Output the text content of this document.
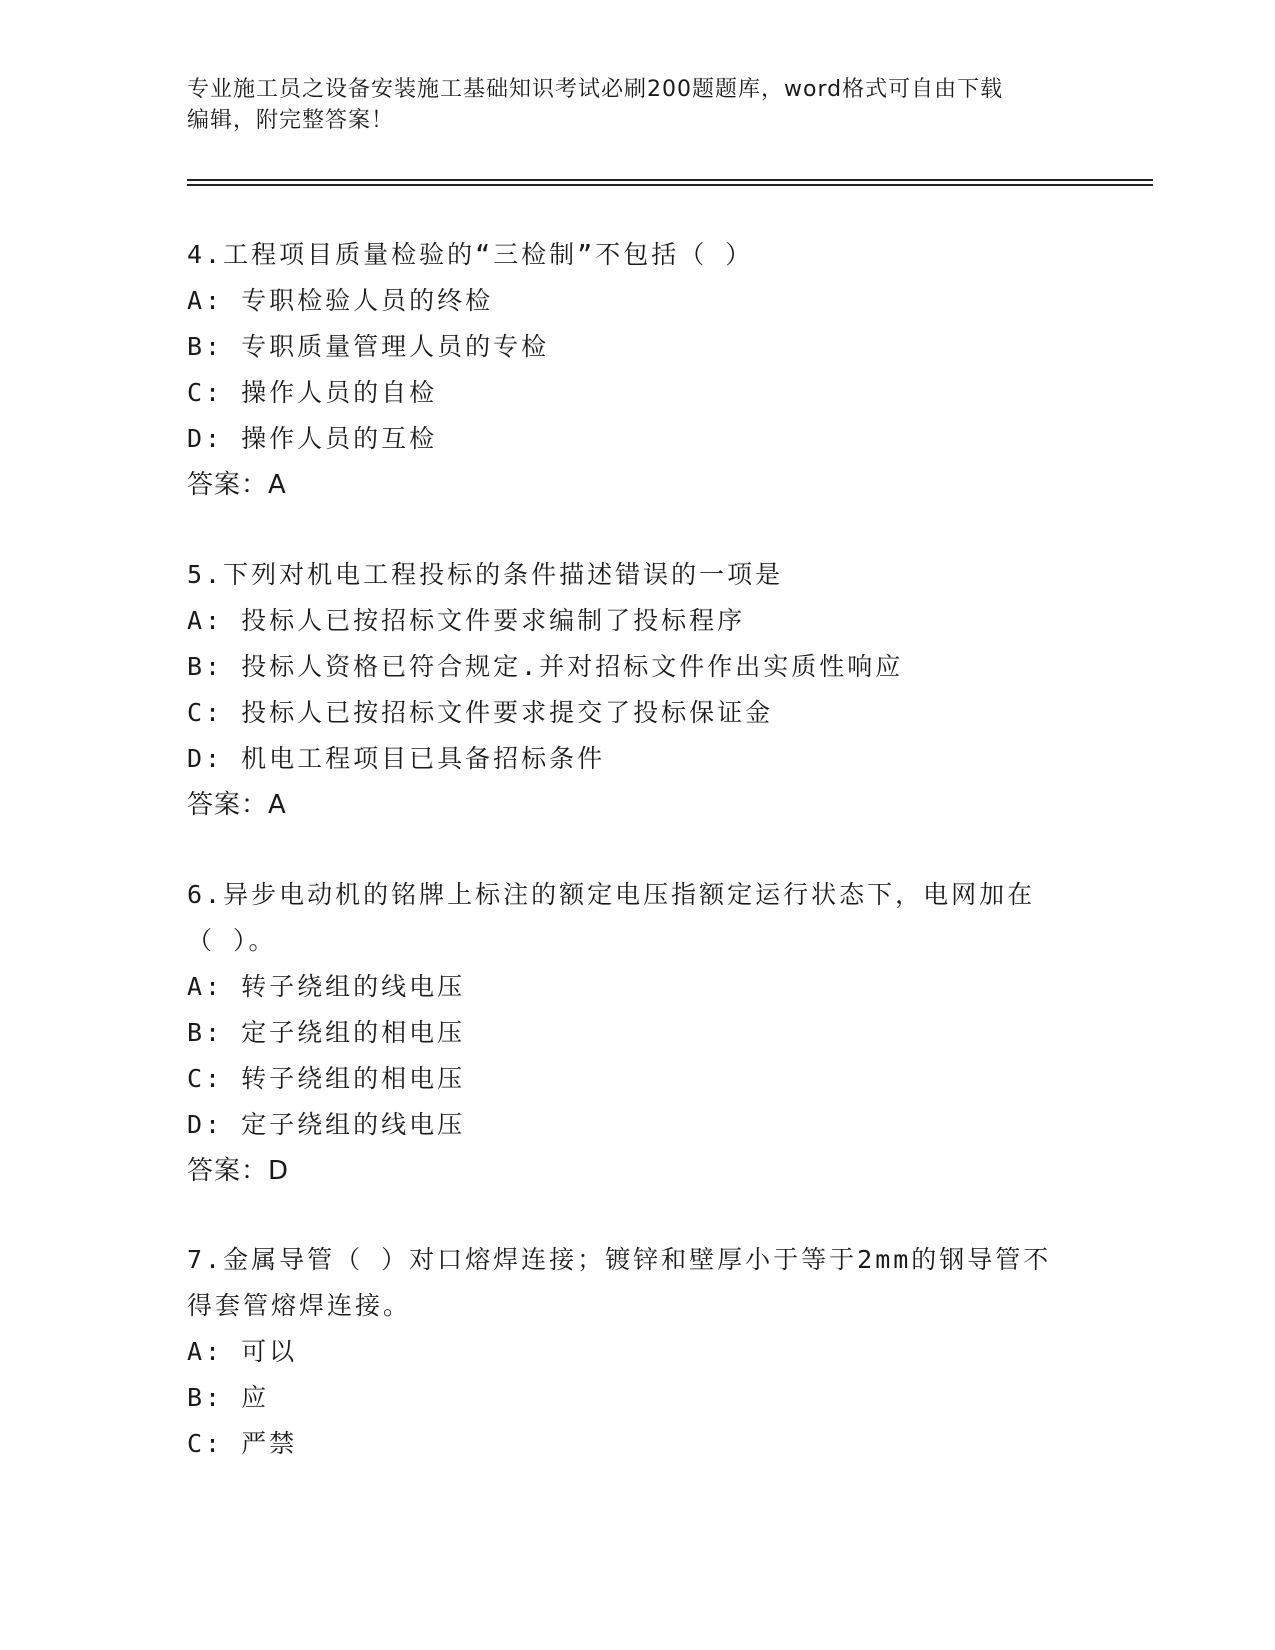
专业施工员之设备安装施工基础知识考试必刷200题题库，word格式可自由下载
编辑，附完整答案！
4.工程项目质量检验的“三检制”不包括（ ）
A: 专职检验人员的终检
B: 专职质量管理人员的专检
C: 操作人员的自检
D: 操作人员的互检
答案：A
5.下列对机电工程投标的条件描述错误的一项是
A: 投标人已按招标文件要求编制了投标程序
B: 投标人资格已符合规定.并对招标文件作出实质性响应
C: 投标人已按招标文件要求提交了投标保证金
D: 机电工程项目已具备招标条件
答案：A
6.异步电动机的铭牌上标注的额定电压指额定运行状态下，电网加在
（ ）。
A: 转子绕组的线电压
B: 定子绕组的相电压
C: 转子绕组的相电压
D: 定子绕组的线电压
答案：D
7.金属导管（ ）对口熔焊连接；镀锌和壁厚小于等于2mm的钢导管不
得套管熔焊连接。
A: 可以
B: 应
C: 严禁
